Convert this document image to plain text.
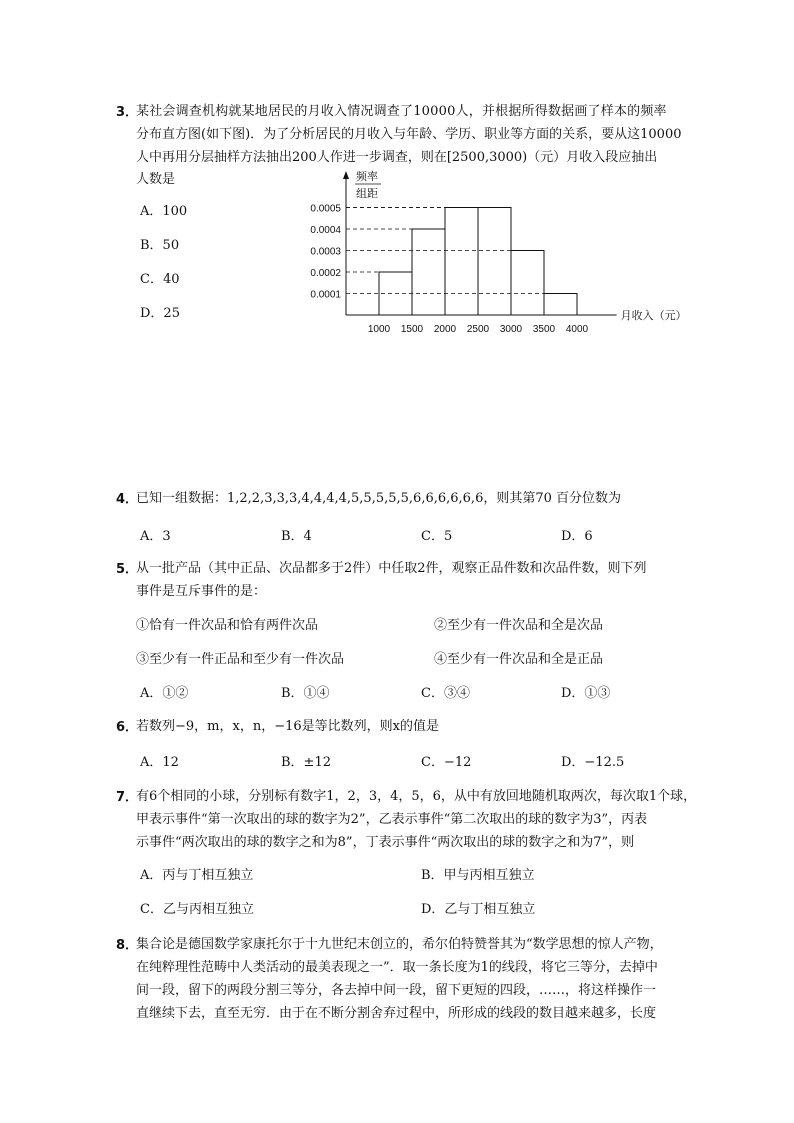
3．
某社会调查机构就某地居民的月收入情况调查了10000人，并根据所得数据画了样本的频率
分布直方图(如下图)．为了分析居民的月收入与年龄、学历、职业等方面的关系，要从这10000
人中再用分层抽样方法抽出200人作进一步调查，则在[2500,3000)（元）月收入段应抽出
人数是
A．100
B．50
C．40
D．25
频率
组距
月收入（元）
0.0001
0.0002
0.0003
0.0004
0.0005
1000 1500 2000 2500 3000 3500 4000
4．
已知一组数据：1,2,2,3,3,3,4,4,4,4,5,5,5,5,5,6,6,6,6,6,6，则其第70 百分位数为
A．3	B．4	C．5	D．6
5．
从一批产品（其中正品、次品都多于2件）中任取2件，观察正品件数和次品件数，则下列
事件是互斥事件的是：
①恰有一件次品和恰有两件次品	②至少有一件次品和全是次品
③至少有一件正品和至少有一件次品	④至少有一件次品和全是正品
A．①②	B．①④	C．③④	D．①③
6．
若数列−9，m，x，n，−16是等比数列，则x的值是
A．12	B．±12	C．−12	D．−12.5
7．
有6个相同的小球，分别标有数字1，2，3，4，5，6，从中有放回地随机取两次，每次取1个球，
甲表示事件“第一次取出的球的数字为2”，乙表示事件“第二次取出的球的数字为3”，丙表
示事件“两次取出的球的数字之和为8”，丁表示事件“两次取出的球的数字之和为7”，则
A．丙与丁相互独立	B．甲与丙相互独立
C．乙与丙相互独立	D．乙与丁相互独立
8．
集合论是德国数学家康托尔于十九世纪末创立的，希尔伯特赞誉其为“数学思想的惊人产物，
在纯粹理性范畴中人类活动的最美表现之一”．取一条长度为1的线段，将它三等分，去掉中
间一段，留下的两段分割三等分，各去掉中间一段，留下更短的四段，……，将这样操作一
直继续下去，直至无穷．由于在不断分割舍弃过程中，所形成的线段的数目越来越多，长度
